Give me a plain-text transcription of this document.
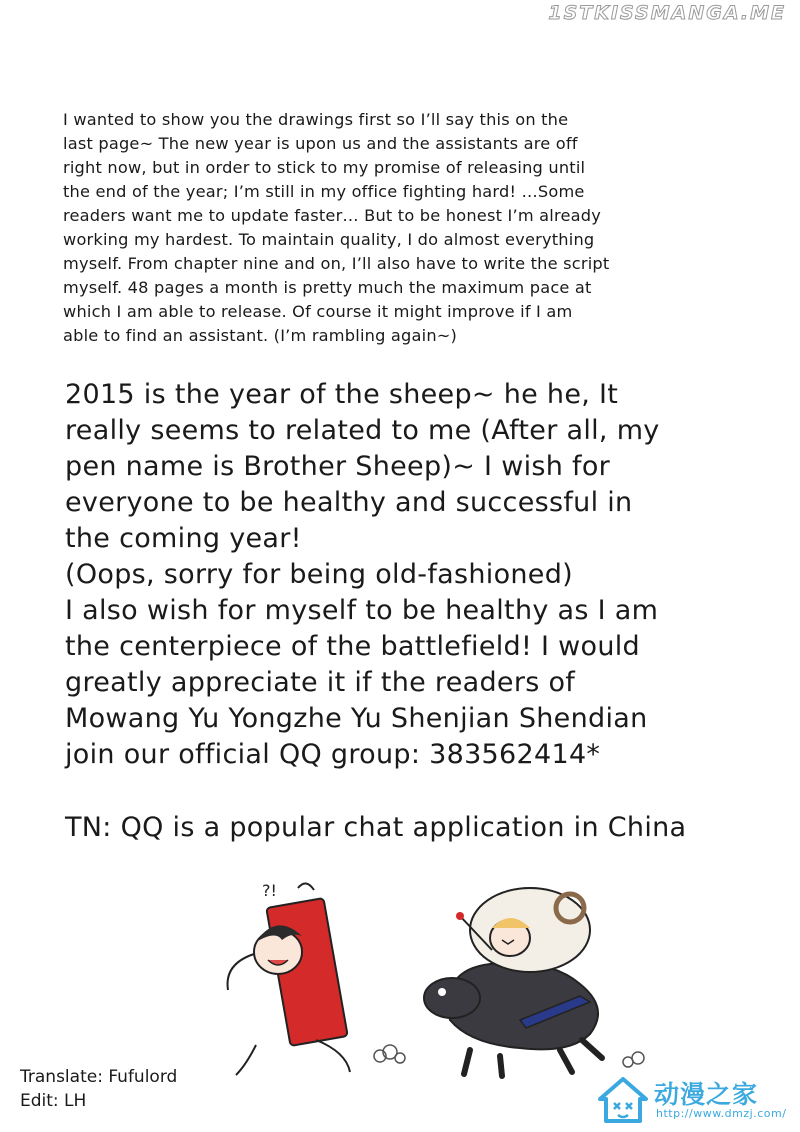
1STKISSMANGA.ME

I wanted to show you the drawings first so I’ll say this on the

last page~ The new year is upon us and the assistants are off

right now, but in order to stick to my promise of releasing until

the end of the year; I’m still in my office fighting hard! …Some

readers want me to update faster… But to be honest I’m already

working my hardest. To maintain quality, I do almost everything

myself. From chapter nine and on, I’ll also have to write the script

myself. 48 pages a month is pretty much the maximum pace at

which I am able to release. Of course it might improve if I am

able to find an assistant. (I’m rambling again~)

2015 is the year of the sheep~ he he, It

really seems to related to me (After all, my

pen name is Brother Sheep)~ I wish for

everyone to be healthy and successful in

the coming year!

(Oops, sorry for being old-fashioned)

I also wish for myself to be healthy as I am

the centerpiece of the battlefield! I would

greatly appreciate it if the readers of

Mowang Yu Yongzhe Yu Shenjian Shendian

join our official QQ group: 383562414*

TN: QQ is a popular chat application in China
?!
Translate: Fufulord
Edit: LH	动漫之家
http://www.dmzj.com/
